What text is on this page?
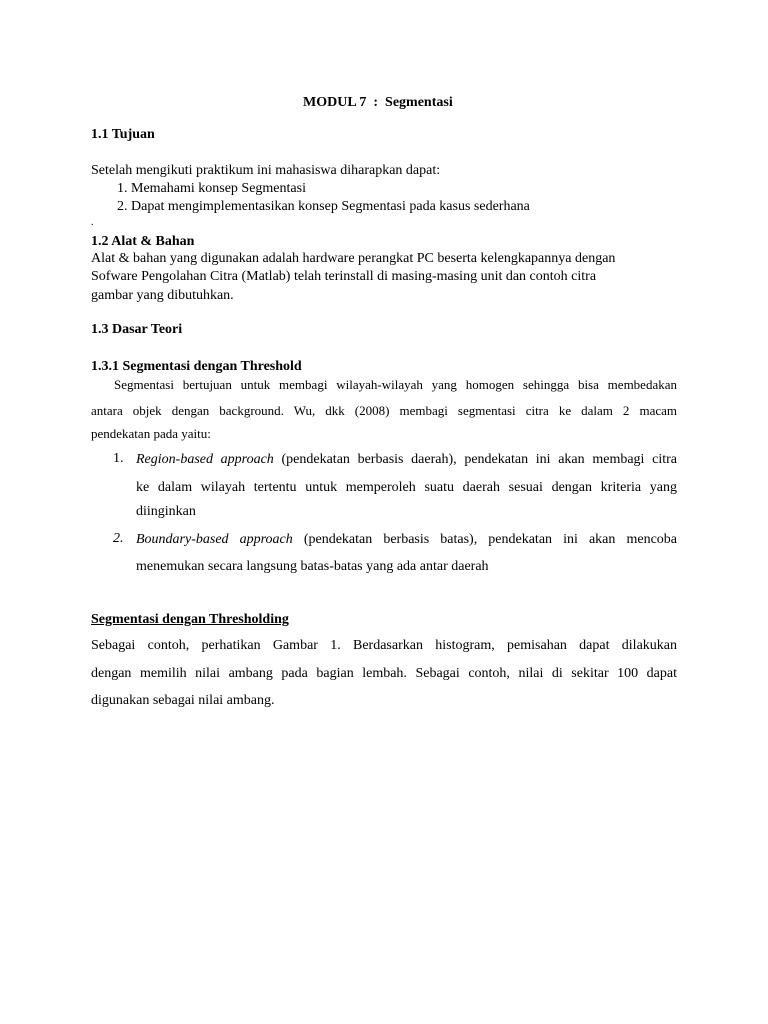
MODUL 7  :  Segmentasi
1.1 Tujuan
Setelah mengikuti praktikum ini mahasiswa diharapkan dapat:
1. Memahami konsep Segmentasi
2. Dapat mengimplementasikan konsep Segmentasi pada kasus sederhana
.
1.2 Alat & Bahan
Alat & bahan yang digunakan adalah hardware perangkat PC beserta kelengkapannya dengan
Sofware Pengolahan Citra (Matlab) telah terinstall di masing-masing unit dan contoh citra
gambar yang dibutuhkan.
1.3 Dasar Teori
1.3.1 Segmentasi dengan Threshold
Segmentasi bertujuan untuk membagi wilayah-wilayah yang homogen sehingga bisa membedakan
antara objek dengan background. Wu, dkk (2008) membagi segmentasi citra ke dalam 2 macam
pendekatan pada yaitu:
1. Region-based approach (pendekatan berbasis daerah), pendekatan ini akan membagi citra
ke dalam wilayah tertentu untuk memperoleh suatu daerah sesuai dengan kriteria yang
diinginkan
2. Boundary-based approach (pendekatan berbasis batas), pendekatan ini akan mencoba
menemukan secara langsung batas-batas yang ada antar daerah
Segmentasi dengan Thresholding
Sebagai contoh, perhatikan Gambar 1. Berdasarkan histogram, pemisahan dapat dilakukan
dengan memilih nilai ambang pada bagian lembah. Sebagai contoh, nilai di sekitar 100 dapat
digunakan sebagai nilai ambang.
